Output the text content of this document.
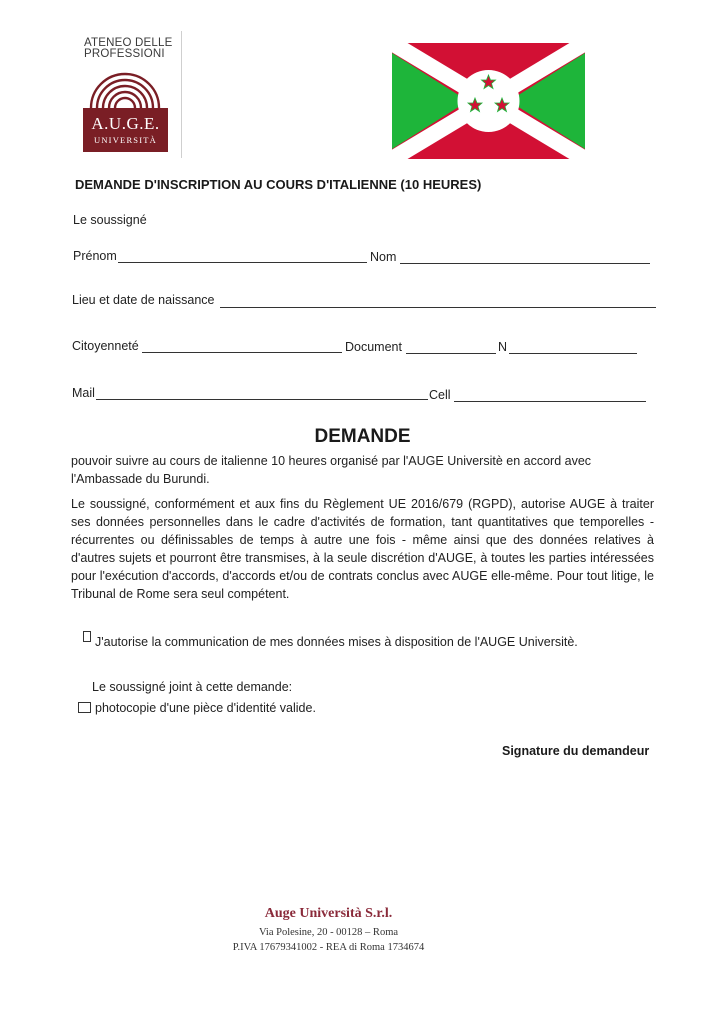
ATENEO DELLE
PROFESSIONI
A.U.G.E.
UNIVERSITÀ
DEMANDE D'INSCRIPTION AU COURS D'ITALIENNE (10 HEURES)
Le soussigné
Prénom	Nom
Lieu et date de naissance
Citoyenneté	Document	N
Mail	Cell
DEMANDE
pouvoir suivre au cours de italienne 10 heures organisé par l'AUGE Universitè en accord avec l'Ambassade du Burundi.
Le soussigné, conformément et aux fins du Règlement UE 2016/679 (RGPD), autorise AUGE à traiter ses données personnelles dans le cadre d'activités de formation, tant quantitatives que temporelles - récurrentes ou définissables de temps à autre une fois - même ainsi que des données relatives à d'autres sujets et pourront être transmises, à la seule discrétion d'AUGE, à toutes les parties intéressées pour l'exécution d'accords, d'accords et/ou de contrats conclus avec AUGE elle-même. Pour tout litige, le Tribunal de Rome sera seul compétent.
J'autorise la communication de mes données mises à disposition de l'AUGE Universitè.
Le soussigné joint à cette demande:
photocopie d'une pièce d'identité valide.
Signature du demandeur
Auge Università S.r.l.
Via Polesine, 20 - 00128 – Roma
P.IVA 17679341002 - REA di Roma 1734674
